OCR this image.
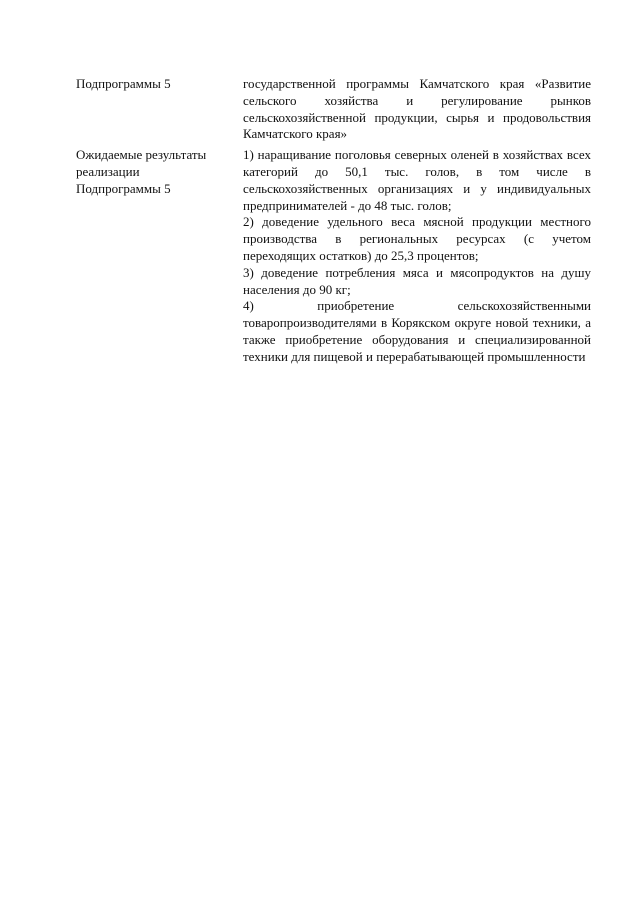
Подпрограммы 5	государственной программы Камчатского края «Развитие сельского хозяйства и регулирование рынков сельскохозяйственной продукции, сырья и продовольствия Камчатского края»

Ожидаемые результаты
реализации
Подпрограммы 5

1) наращивание поголовья северных оленей в хозяйствах всех категорий до 50,1 тыс. голов, в том числе в сельскохозяйственных организациях и у индивидуальных предпринимателей - до 48 тыс. голов;

2) доведение удельного веса мясной продукции местного производства в региональных ресурсах (с учетом переходящих остатков) до 25,3 процентов;

3) доведение потребления мяса и мясопродуктов на душу населения до 90 кг;

4) приобретение сельскохозяйственными товаропроизводителями в Корякском округе новой техники, а также приобретение оборудования и специализированной техники для пищевой и перерабатывающей промышленности
